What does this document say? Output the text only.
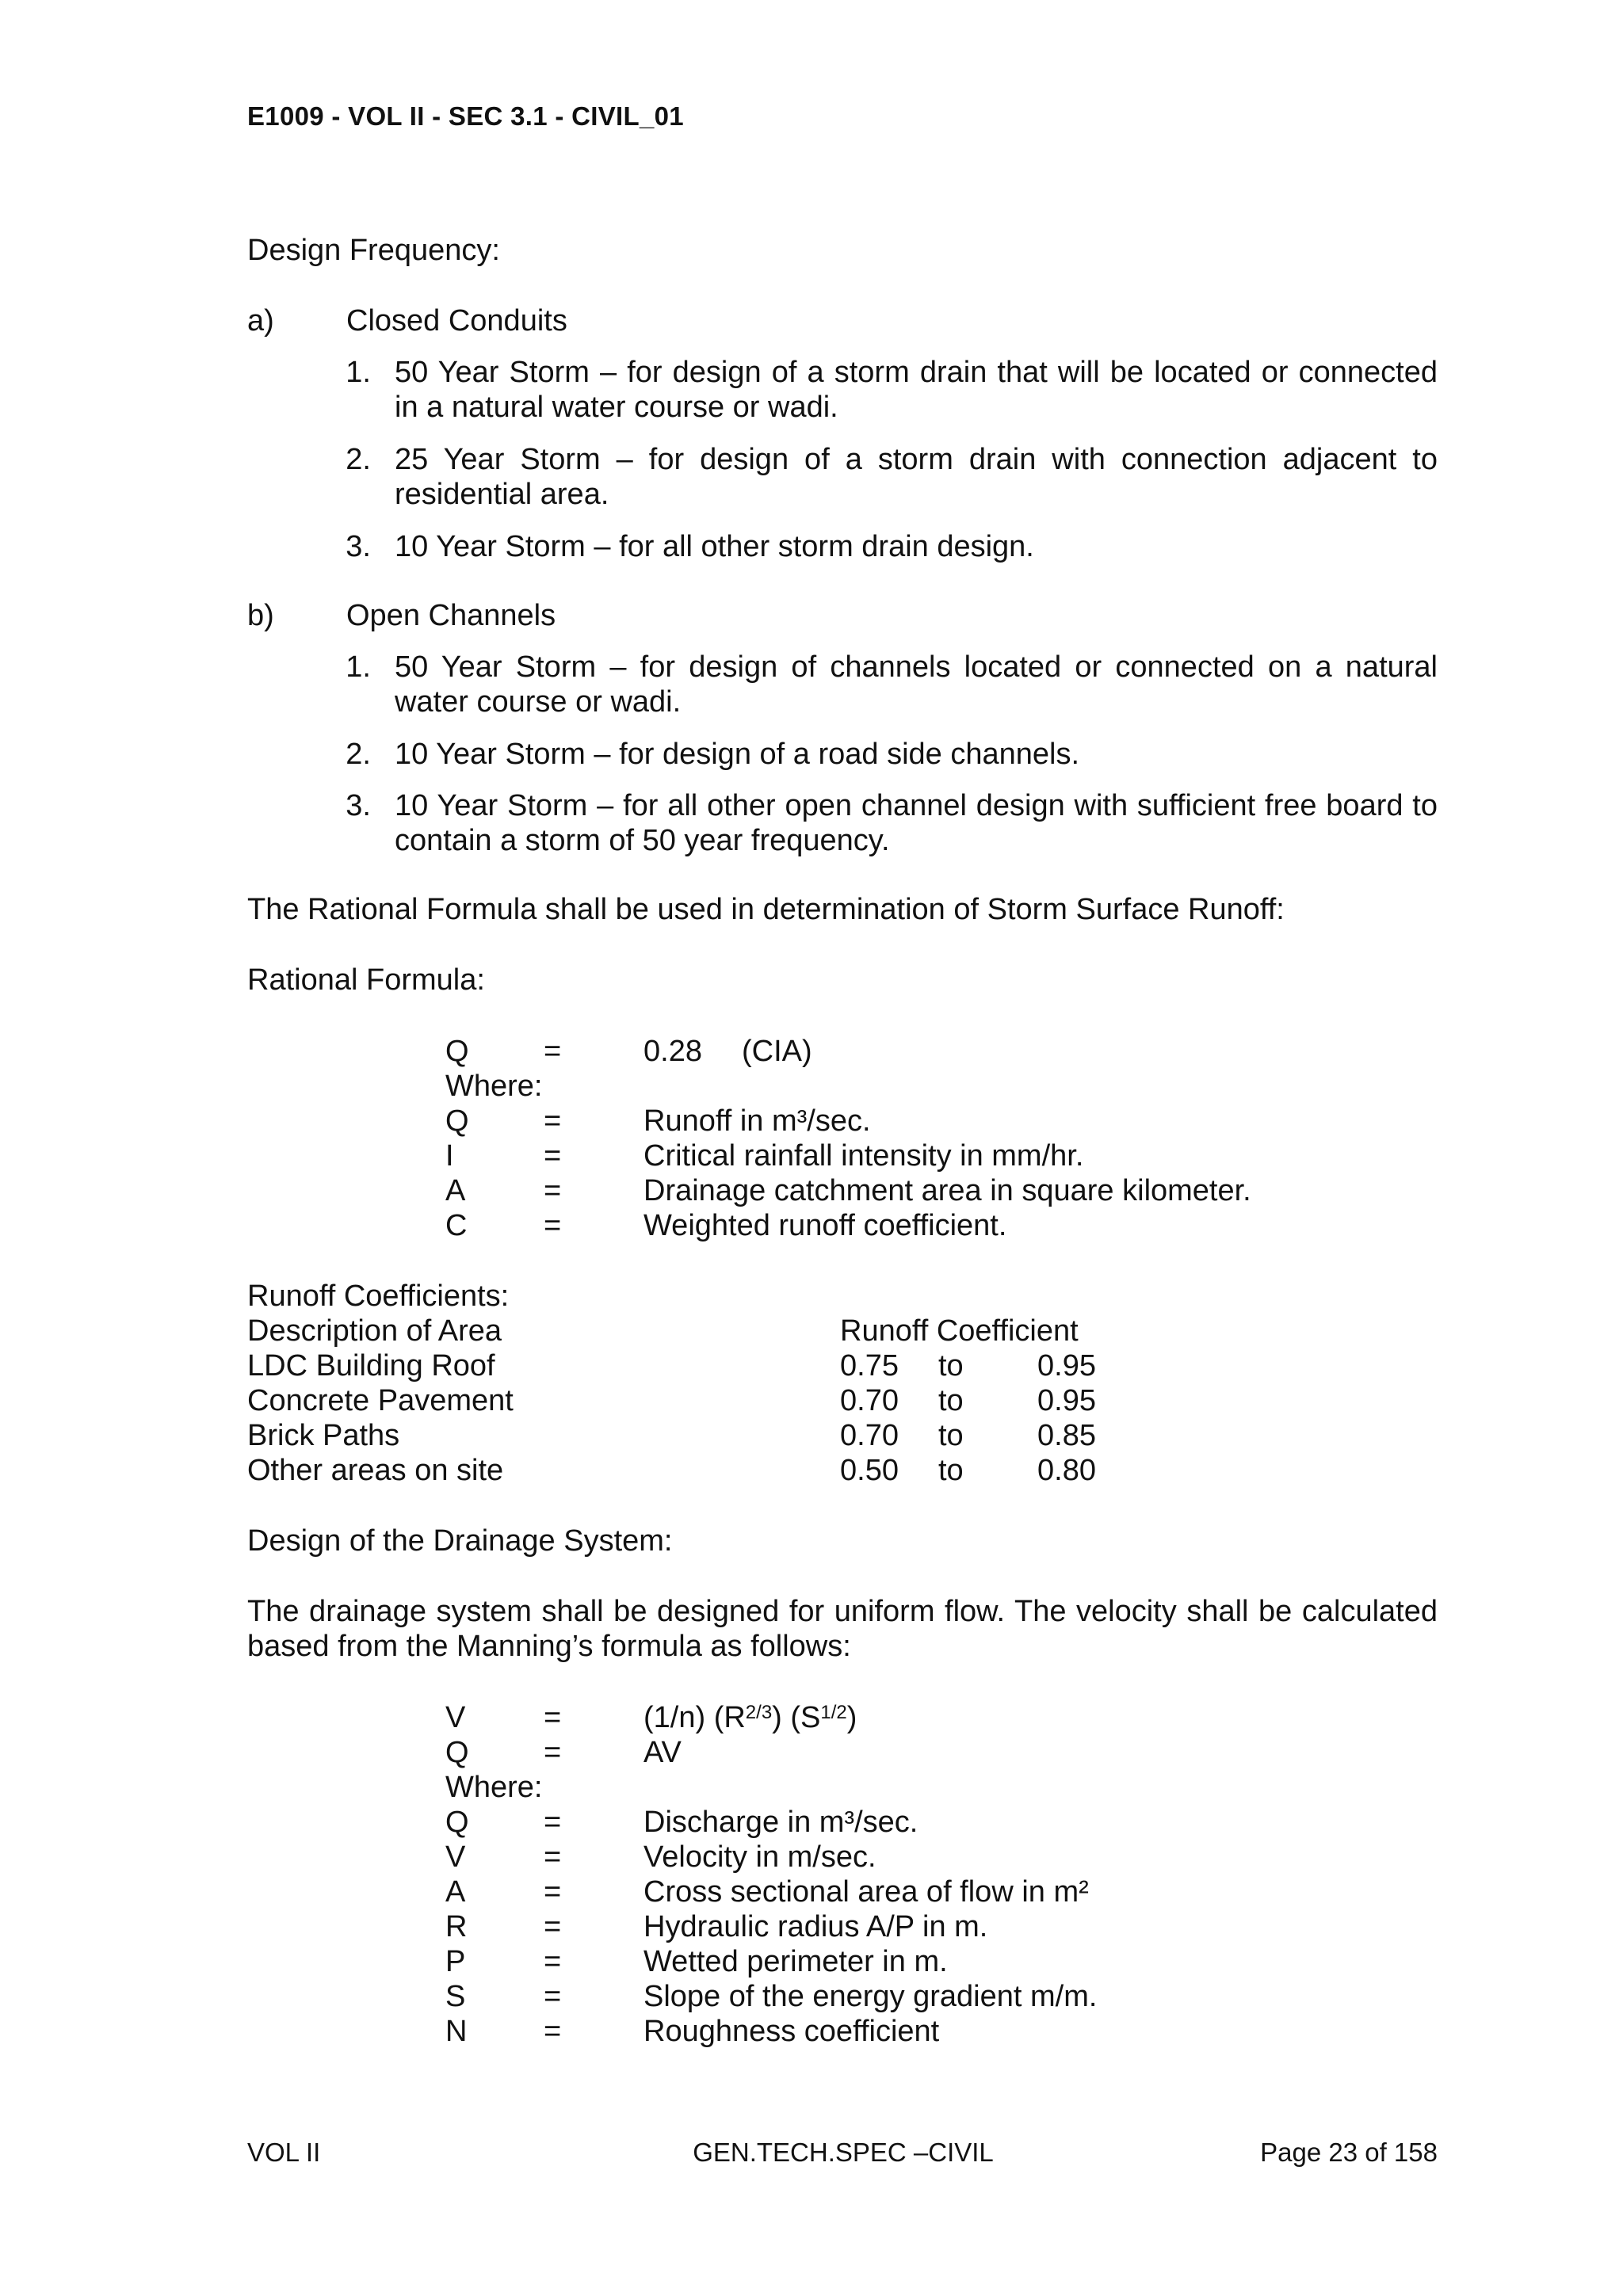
E1009 - VOL II - SEC 3.1 - CIVIL_01
Design Frequency:
a) Closed Conduits
1. 50 Year Storm – for design of a storm drain that will be located or connected in a natural water course or wadi.
2. 25 Year Storm – for design of a storm drain with connection adjacent to residential area.
3. 10 Year Storm – for all other storm drain design.
b) Open Channels
1. 50 Year Storm – for design of channels located or connected on a natural water course or wadi.
2. 10 Year Storm – for design of a road side channels.
3. 10 Year Storm – for all other open channel design with sufficient free board to contain a storm of 50 year frequency.
The Rational Formula shall be used in determination of Storm Surface Runoff:
Rational Formula:
Q =	0.28 (CIA)
Where:
Q =	Runoff in m³/sec.
I	=	Critical rainfall intensity in mm/hr.
A	=	Drainage catchment area in square kilometer.
C	=	Weighted runoff coefficient.
Runoff Coefficients:
Description of Area	Runoff Coefficient
LDC Building Roof	0.75 to 0.95
Concrete Pavement	0.70 to 0.95
Brick Paths	0.70 to 0.85
Other areas on site	0.50 to 0.80
Design of the Drainage System:
The drainage system shall be designed for uniform flow. The velocity shall be calculated based from the Manning’s formula as follows:
V	=	(1/n) $(R^{2/3})$ $(S^{1/2})$
Q =	AV
Where:
Q =	Discharge in m³/sec.
V	=	Velocity in m/sec.
A	=	Cross sectional area of flow in m²
R	=	Hydraulic radius A/P in m.
P	=	Wetted perimeter in m.
S	=	Slope of the energy gradient m/m.
N	=	Roughness coefficient
VOL II	GEN.TECH.SPEC –CIVIL	Page 23 of 158
